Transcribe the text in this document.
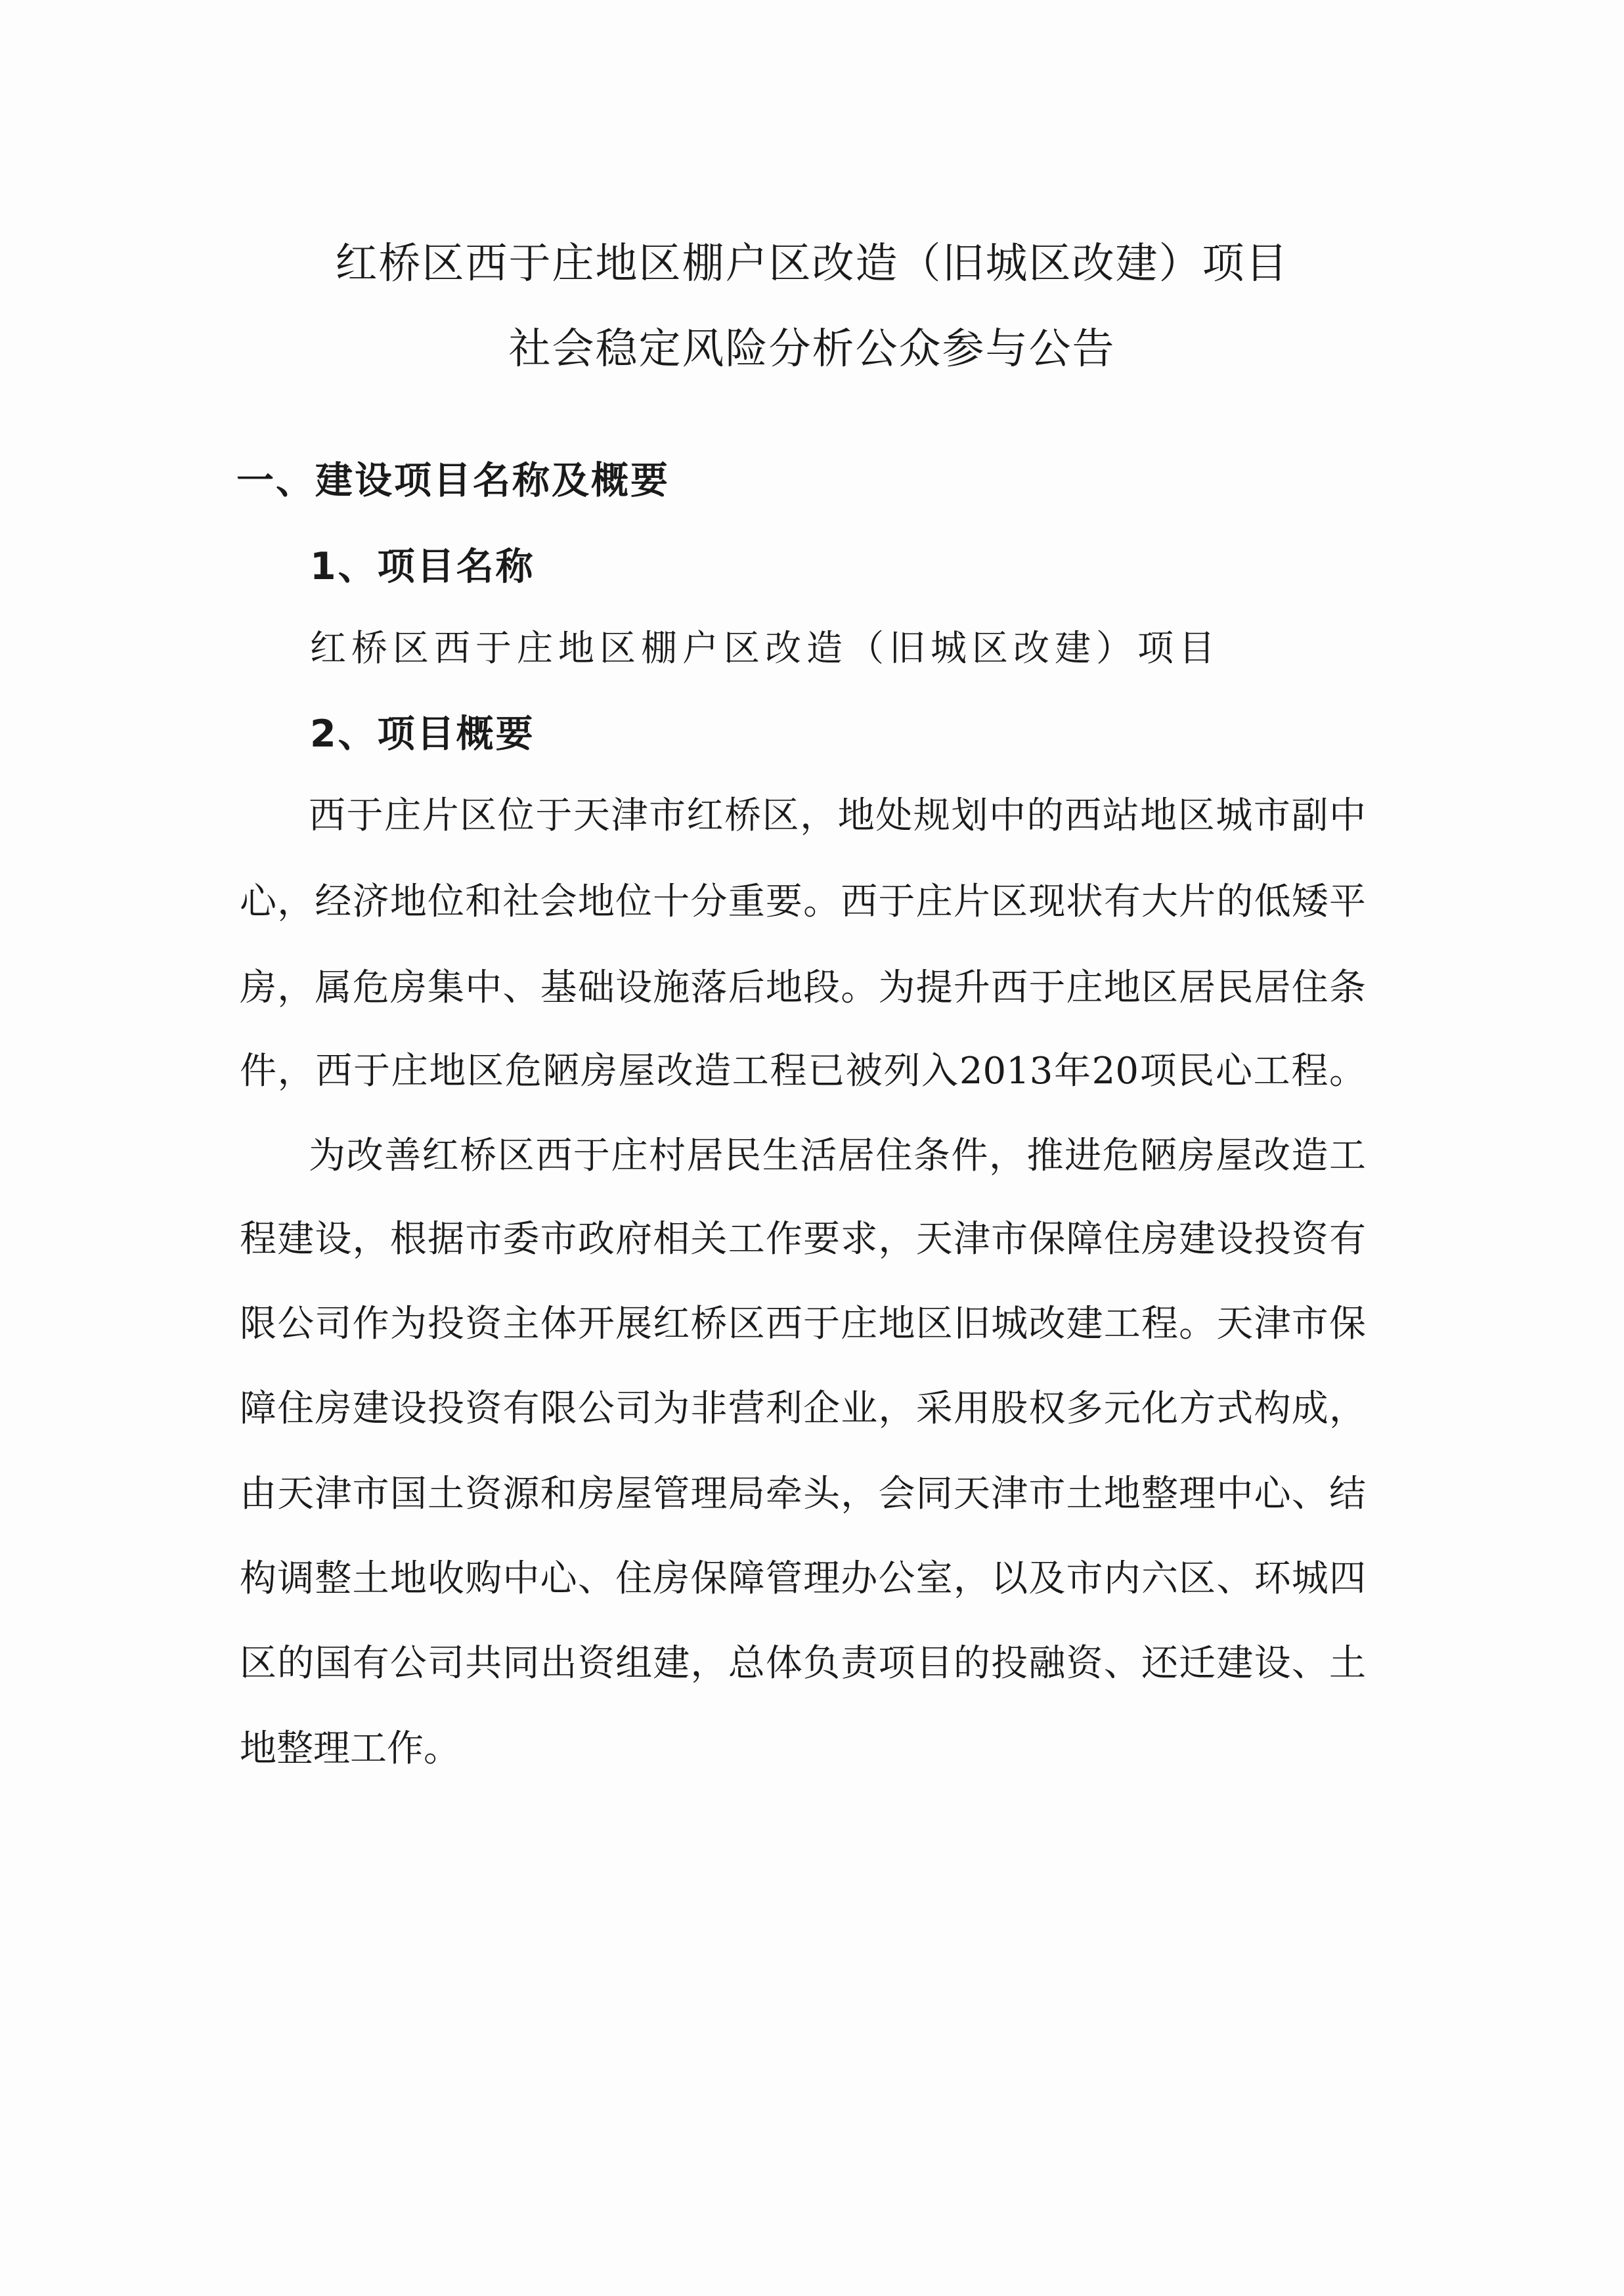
红桥区西于庄地区棚户区改造（旧城区改建）项目
社会稳定风险分析公众参与公告
一、建设项目名称及概要
1、项目名称
红桥区西于庄地区棚户区改造（旧城区改建）项目
2、项目概要
西于庄片区位于天津市红桥区，地处规划中的西站地区城市副中
心，经济地位和社会地位十分重要。西于庄片区现状有大片的低矮平
房，属危房集中、基础设施落后地段。为提升西于庄地区居民居住条
件，西于庄地区危陋房屋改造工程已被列入2013年20项民心工程。
为改善红桥区西于庄村居民生活居住条件，推进危陋房屋改造工
程建设，根据市委市政府相关工作要求，天津市保障住房建设投资有
限公司作为投资主体开展红桥区西于庄地区旧城改建工程。天津市保
障住房建设投资有限公司为非营利企业，采用股权多元化方式构成，
由天津市国土资源和房屋管理局牵头，会同天津市土地整理中心、结
构调整土地收购中心、住房保障管理办公室，以及市内六区、环城四
区的国有公司共同出资组建，总体负责项目的投融资、还迁建设、土
地整理工作。
